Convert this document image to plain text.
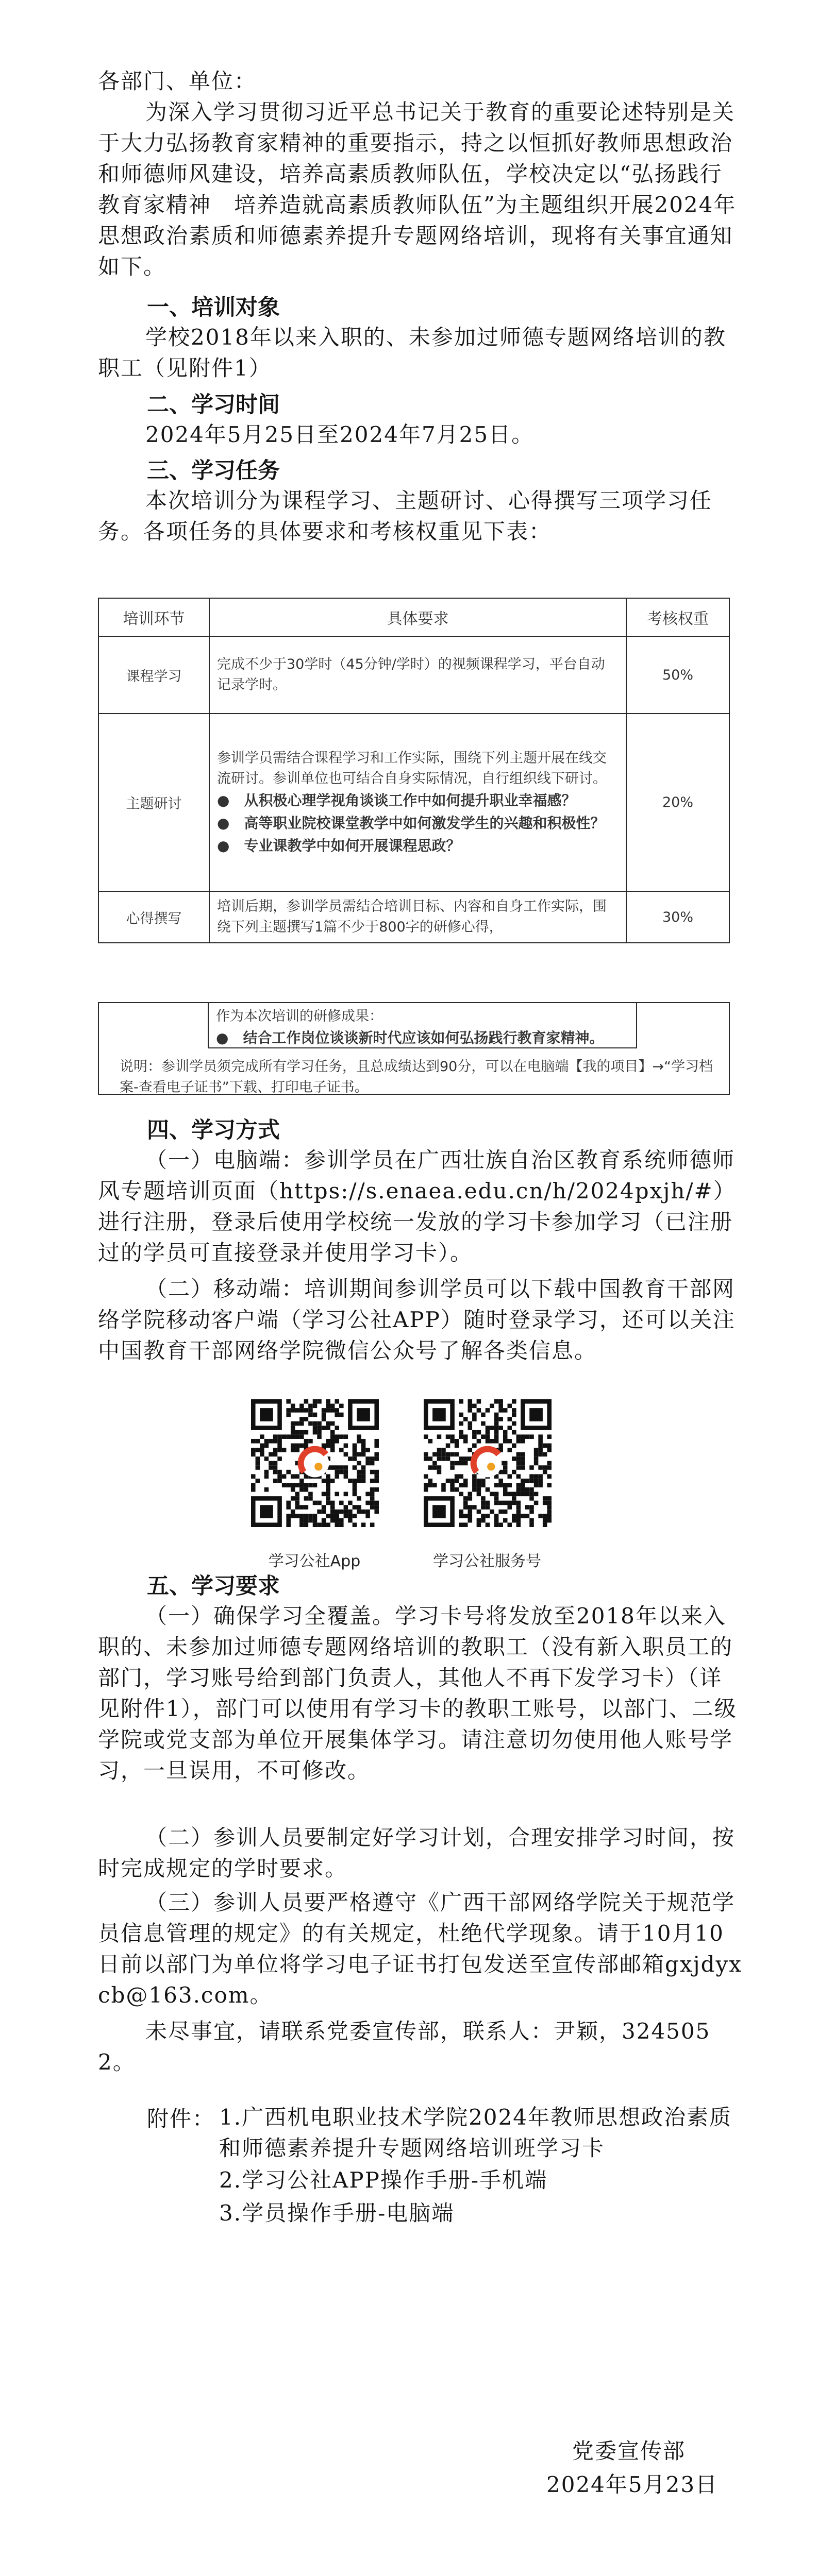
各部门、单位：

为深入学习贯彻习近平总书记关于教育的重要论述特别是关于大力弘扬教育家精神的重要指示，持之以恒抓好教师思想政治和师德师风建设，培养高素质教师队伍，学校决定以“弘扬践行教育家精神　培养造就高素质教师队伍”为主题组织开展2024年思想政治素质和师德素养提升专题网络培训，现将有关事宜通知如下。

一、培训对象

学校2018年以来入职的、未参加过师德专题网络培训的教职工（见附件1）

二、学习时间

2024年5月25日至2024年7月25日。

三、学习任务

本次培训分为课程学习、主题研讨、心得撰写三项学习任务。各项任务的具体要求和考核权重见下表：

培训环节	具体要求	考核权重
课程学习	完成不少于30学时（45分钟/学时）的视频课程学习，平台自动记录学时。	50%
主题研讨	参训学员需结合课程学习和工作实际，围绕下列主题开展在线交流研讨。参训单位也可结合自身实际情况，自行组织线下研讨。
●　从积极心理学视角谈谈工作中如何提升职业幸福感？
●　高等职业院校课堂教学中如何激发学生的兴趣和积极性？
●　专业课教学中如何开展课程思政？	20%
心得撰写	培训后期，参训学员需结合培训目标、内容和自身工作实际，围绕下列主题撰写1篇不少于800字的研修心得，	30%
作为本次培训的研修成果：
●　结合工作岗位谈谈新时代应该如何弘扬践行教育家精神。
说明：参训学员须完成所有学习任务，且总成绩达到90分，可以在电脑端【我的项目】→“学习档案-查看电子证书”下载、打印电子证书。

四、学习方式

（一）电脑端：参训学员在广西壮族自治区教育系统师德师风专题培训页面（https://s.enaea.edu.cn/h/2024pxjh/#）进行注册，登录后使用学校统一发放的学习卡参加学习（已注册过的学员可直接登录并使用学习卡）。

（二）移动端：培训期间参训学员可以下载中国教育干部网络学院移动客户端（学习公社APP）随时登录学习，还可以关注中国教育干部网络学院微信公众号了解各类信息。

学习公社App	学习公社服务号

五、学习要求

（一）确保学习全覆盖。学习卡号将发放至2018年以来入职的、未参加过师德专题网络培训的教职工（没有新入职员工的部门，学习账号给到部门负责人，其他人不再下发学习卡）（详见附件1），部门可以使用有学习卡的教职工账号，以部门、二级学院或党支部为单位开展集体学习。请注意切勿使用他人账号学习，一旦误用，不可修改。

（二）参训人员要制定好学习计划，合理安排学习时间，按时完成规定的学时要求。

（三）参训人员要严格遵守《广西干部网络学院关于规范学员信息管理的规定》的有关规定，杜绝代学现象。请于10月10日前以部门为单位将学习电子证书打包发送至宣传部邮箱gxjdyxcb@163.com。

未尽事宜，请联系党委宣传部，联系人：尹颖，3245052。

附件： 1.广西机电职业技术学院2024年教师思想政治素质和师德素养提升专题网络培训班学习卡

2.学习公社APP操作手册-手机端

3.学员操作手册-电脑端

党委宣传部

2024年5月23日
